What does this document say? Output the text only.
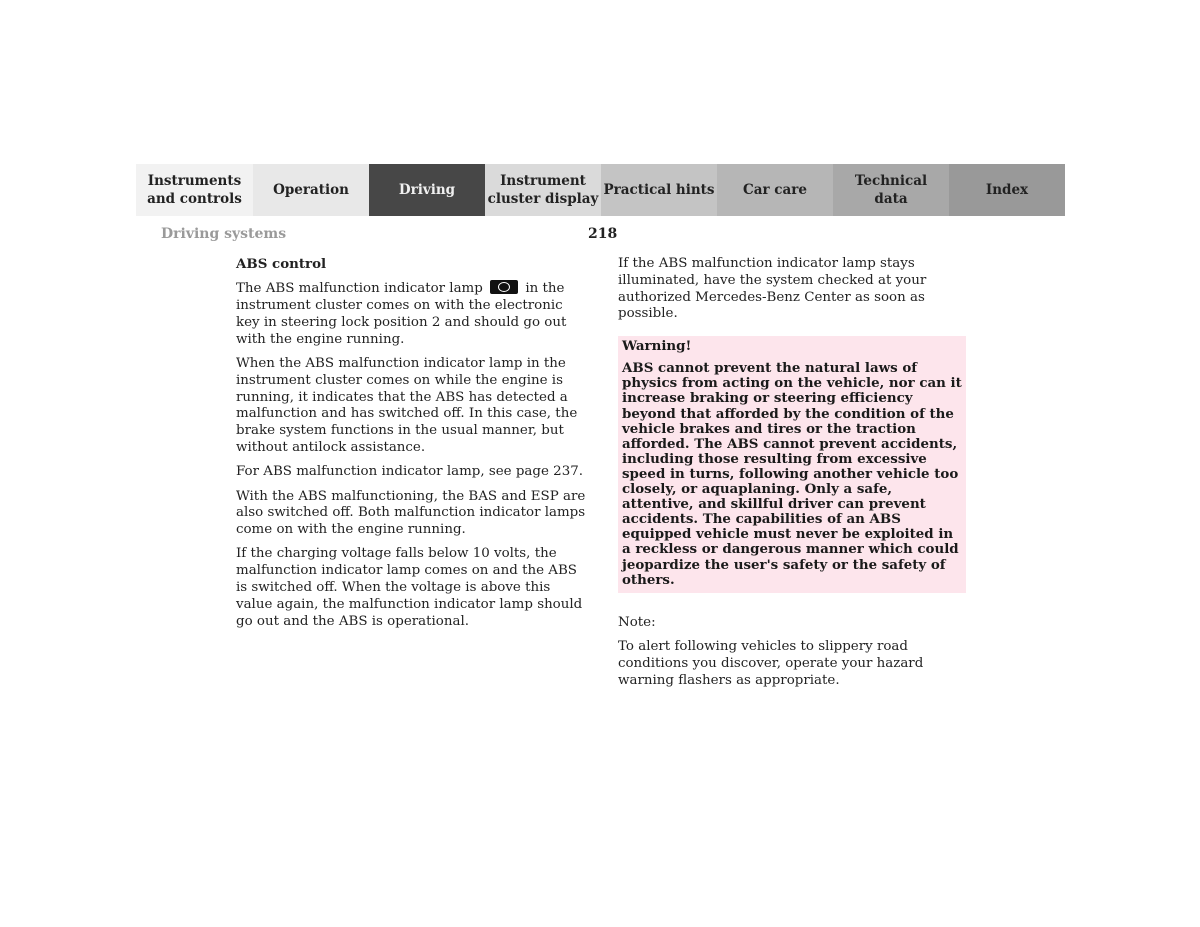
Instruments
and controls
Operation	Driving
Instrument
cluster display
Practical hints	Car care
Technical
data
Index
Driving systems	218

ABS control

The ABS malfunction indicator lamp	in the instrument cluster comes on with the electronic key in steering lock position 2 and should go out with the engine running.

When the ABS malfunction indicator lamp in the instrument cluster comes on while the engine is running, it indicates that the ABS has detected a malfunction and has switched off. In this case, the brake system functions in the usual manner, but without antilock assistance.

For ABS malfunction indicator lamp, see page 237.

With the ABS malfunctioning, the BAS and ESP are also switched off. Both malfunction indicator lamps come on with the engine running.

If the charging voltage falls below 10 volts, the malfunction indicator lamp comes on and the ABS is switched off. When the voltage is above this value again, the malfunction indicator lamp should go out and the ABS is operational.

If the ABS malfunction indicator lamp stays illuminated, have the system checked at your authorized Mercedes-Benz Center as soon as possible.

Warning!

ABS cannot prevent the natural laws of physics from acting on the vehicle, nor can it increase braking or steering efficiency beyond that afforded by the condition of the vehicle brakes and tires or the traction afforded. The ABS cannot prevent accidents, including those resulting from excessive speed in turns, following another vehicle too closely, or aquaplaning. Only a safe, attentive, and skillful driver can prevent accidents. The capabilities of an ABS equipped vehicle must never be exploited in a reckless or dangerous manner which could jeopardize the user's safety or the safety of others.

Note:

To alert following vehicles to slippery road conditions you discover, operate your hazard warning flashers as appropriate.
